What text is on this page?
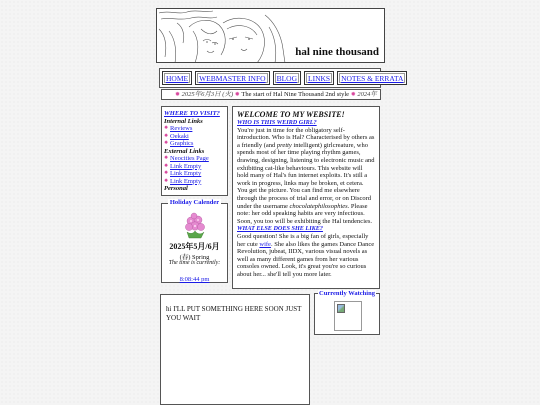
hal nine thousand
HOME	WEBMASTER INFO	BLOG	LINKS	NOTES & ERRATA
✹ 2025年6月3日 (火) ✹ The start of Hal Nine Thousand 2nd style ✹ 2024年
WHERE TO VISIT?
Internal Links
✹ Reviews
✹ Oekaki
✹ Graphics
External Links
✹ Neocities Page
✹ Link Empty
✹ Link Empty
✹ Link Empty
Personal
Holiday Calender
2025年5月/6月
(春) Spring
The time is currently:
8:08:44 pm
WELCOME TO MY WEBSITE!
WHO IS THIS WEIRD GIRL?
You're just in time for the obligatory self-introduction. Who is Hal? Characterised by others as a friendly (and pretty intelligent) girlcreature, who spends most of her time playing rhythm games, drawing, designing, listening to electronic music and exhibiting cat-like behaviours. This website will hold many of Hal's fun internet exploits. It's still a work in progress, links may be broken, et cetera. You get the picture. You can find me elsewhere through the process of trial and error, or on Discord under the username chocolatephilosophies. Please note: her odd speaking habits are very infectious. Soon, you too will be exhibiting the Hal tendencies.
WHAT ELSE DOES SHE LIKE?
Good question! She is a big fan of girls, especially her cute wife. She also likes the games Dance Dance Revolution, jubeat, IIDX, various visual novels as well as many different games from her various consoles owned. Look, it's great you're so curious about her... she'll tell you more later.
hi I'LL PUT SOMETHING HERE SOON JUST YOU WAIT
Currently Watching
